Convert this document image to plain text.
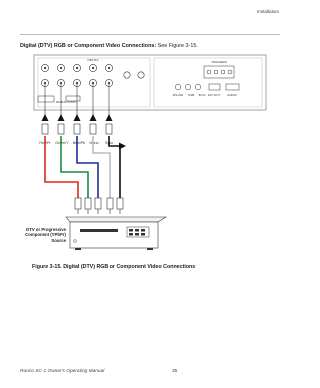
Installation
Digital (DTV) RGB or Component Video Connections: See Figure 3-15.
INPUTS
RGBHV/YPbPr
TRIGGERS
RS-232 USB IR IN 12V OUT AUDIO
Red/Pr Green/Y Blue/Pb Mono Sync
DTV or Progressive
Component (YPbPr)
Source
Figure 3-15. Digital (DTV) RGB or Component Video Connections
Runco SC-1 Owner's Operating Manual	35
